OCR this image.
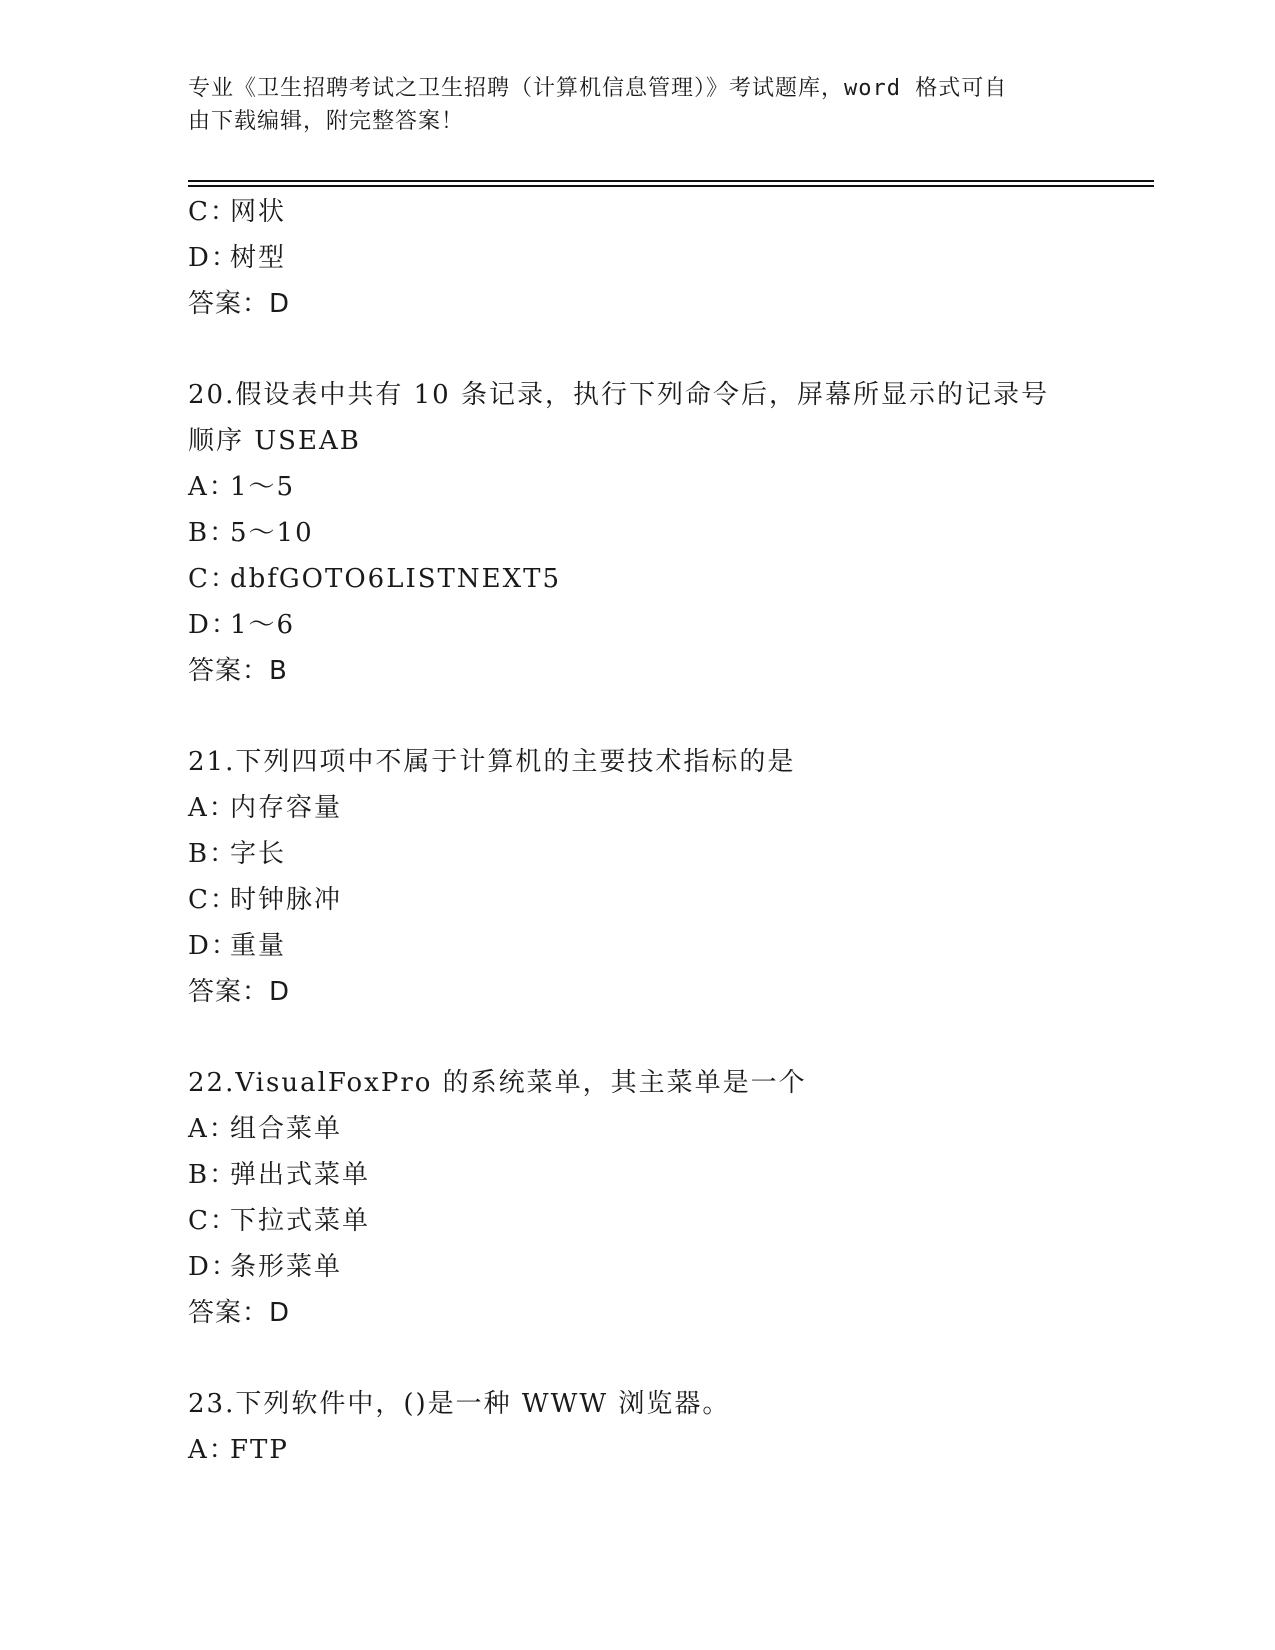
专业《卫生招聘考试之卫生招聘（计算机信息管理）》考试题库，word 格式可自
由下载编辑，附完整答案！
C：网状
D：树型
答案：D
20.假设表中共有 10 条记录，执行下列命令后，屏幕所显示的记录号
顺序 USEAB
A：1～5
B：5～10
C：dbfGOTO6LISTNEXT5
D：1～6
答案：B
21.下列四项中不属于计算机的主要技术指标的是
A：内存容量
B：字长
C：时钟脉冲
D：重量
答案：D
22.VisualFoxPro 的系统菜单，其主菜单是一个
A：组合菜单
B：弹出式菜单
C：下拉式菜单
D：条形菜单
答案：D
23.下列软件中，()是一种 WWW 浏览器。
A：FTP
